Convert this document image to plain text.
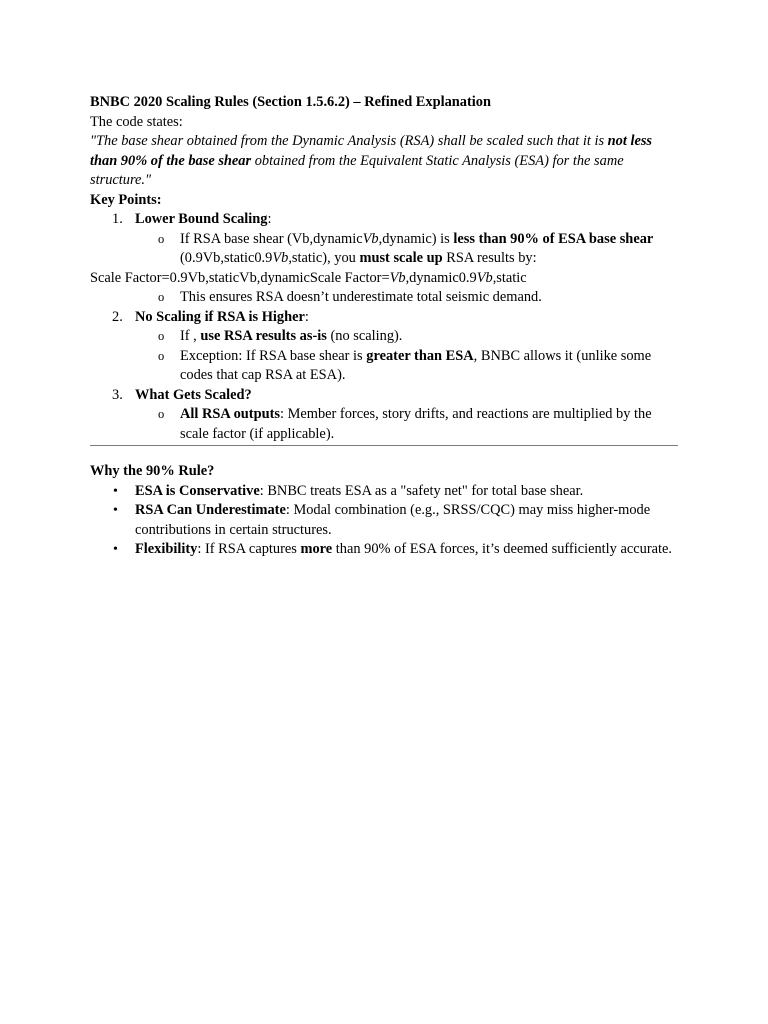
BNBC 2020 Scaling Rules (Section 1.5.6.2) – Refined Explanation

The code states:

"The base shear obtained from the Dynamic Analysis (RSA) shall be scaled such that it is not less than 90% of the base shear obtained from the Equivalent Static Analysis (ESA) for the same structure."

Key Points:

1. Lower Bound Scaling:
o If RSA base shear (Vb,dynamicVb,dynamic) is less than 90% of ESA base shear (0.9Vb,static0.9Vb,static), you must scale up RSA results by:

Scale Factor=0.9Vb,staticVb,dynamicScale Factor=Vb,dynamic0.9Vb,static

o This ensures RSA doesn’t underestimate total seismic demand.
2. No Scaling if RSA is Higher:
o If , use RSA results as-is (no scaling).
o Exception: If RSA base shear is greater than ESA, BNBC allows it (unlike some codes that cap RSA at ESA).
3. What Gets Scaled?
o All RSA outputs: Member forces, story drifts, and reactions are multiplied by the scale factor (if applicable).

Why the 90% Rule?

• ESA is Conservative: BNBC treats ESA as a "safety net" for total base shear.
• RSA Can Underestimate: Modal combination (e.g., SRSS/CQC) may miss higher-mode contributions in certain structures.
• Flexibility: If RSA captures more than 90% of ESA forces, it’s deemed sufficiently accurate.
